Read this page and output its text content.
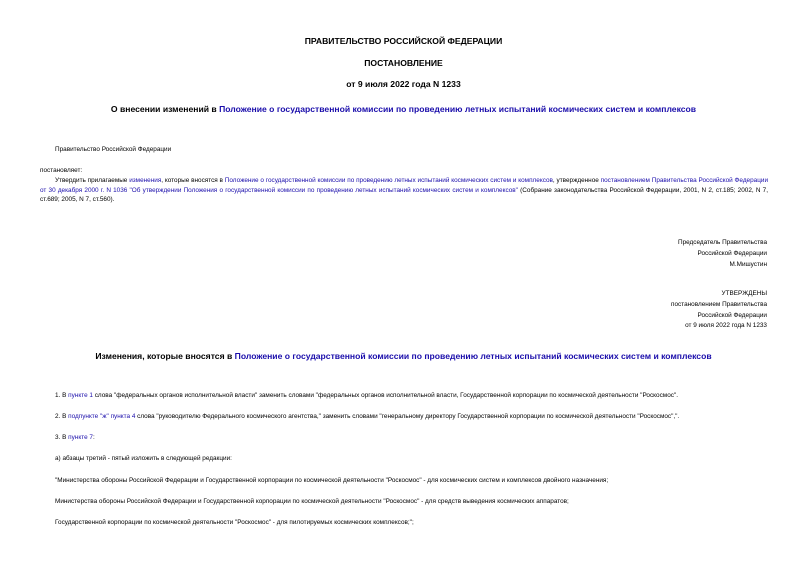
ПРАВИТЕЛЬСТВО РОССИЙСКОЙ ФЕДЕРАЦИИ
ПОСТАНОВЛЕНИЕ
от 9 июля 2022 года N 1233
О внесении изменений в Положение о государственной комиссии по проведению летных испытаний космических систем и комплексов
Правительство Российской Федерации
постановляет:
Утвердить прилагаемые изменения, которые вносятся в Положение о государственной комиссии по проведению летных испытаний космических систем и комплексов, утвержденное постановлением Правительства Российской Федерации от 30 декабря 2000 г. N 1036 "Об утверждении Положения о государственной комиссии по проведению летных испытаний космических систем и комплексов" (Собрание законодательства Российской Федерации, 2001, N 2, ст.185; 2002, N 7, ст.689; 2005, N 7, ст.560).
Председатель Правительства
Российской Федерации
М.Мишустин
УТВЕРЖДЕНЫ
постановлением Правительства
Российской Федерации
от 9 июля 2022 года N 1233
Изменения, которые вносятся в Положение о государственной комиссии по проведению летных испытаний космических систем и комплексов
1. В пункте 1 слова "федеральных органов исполнительной власти" заменить словами "федеральных органов исполнительной власти, Государственной корпорации по космической деятельности "Роскосмос".
2. В подпункте "ж" пункта 4 слова "руководителю Федерального космического агентства," заменить словами "генеральному директору Государственной корпорации по космической деятельности "Роскосмос",".
3. В пункте 7:
а) абзацы третий - пятый изложить в следующей редакции:
"Министерства обороны Российской Федерации и Государственной корпорации по космической деятельности "Роскосмос" - для космических систем и комплексов двойного назначения;
Министерства обороны Российской Федерации и Государственной корпорации по космической деятельности "Роскосмос" - для средств выведения космических аппаратов;
Государственной корпорации по космической деятельности "Роскосмос" - для пилотируемых космических комплексов;";
